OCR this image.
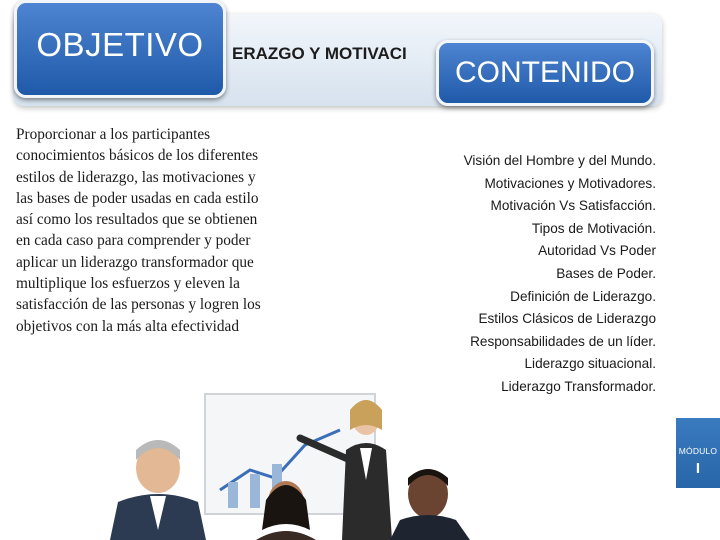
ERAZGO Y MOTIVACI
OBJETIVO
CONTENIDO
Proporcionar a los participantes conocimientos básicos de los diferentes estilos de liderazgo, las motivaciones y las bases de poder usadas en cada estilo así como los resultados que se obtienen en cada caso para comprender y poder aplicar un liderazgo transformador que multiplique los esfuerzos y eleven la satisfacción de las personas y logren los objetivos con la más alta efectividad
Visión del Hombre y del Mundo.
Motivaciones y Motivadores.
Motivación Vs Satisfacción.
Tipos de Motivación.
Autoridad Vs Poder
Bases de Poder.
Definición de Liderazgo.
Estilos Clásicos de Liderazgo
Responsabilidades de un líder.
Liderazgo situacional.
Liderazgo Transformador.
MÓDULO
I
